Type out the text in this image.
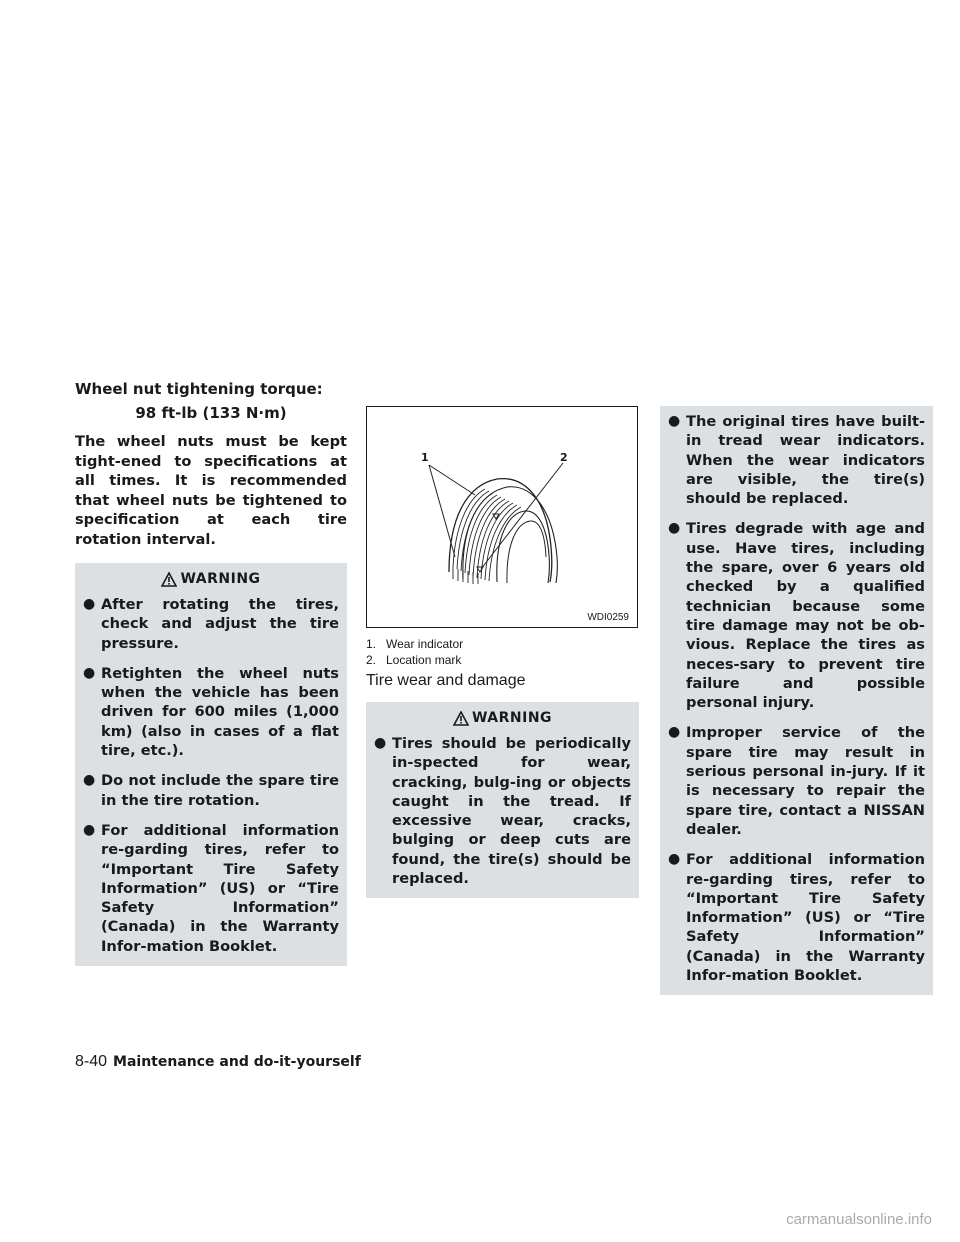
Wheel nut tightening torque:

98 ft-lb (133 N·m)

The wheel nuts must be kept tight-ened to specifications at all times. It is recommended that wheel nuts be tightened to specification at each tire rotation interval.

WARNING
● After rotating the tires, check and adjust the tire pressure.
● Retighten the wheel nuts when the vehicle has been driven for 600 miles (1,000 km) (also in cases of a flat tire, etc.).
● Do not include the spare tire in the tire rotation.
● For additional information re-garding tires, refer to “Important Tire Safety Information” (US) or “Tire Safety Information” (Canada) in the Warranty Infor-mation Booklet.
1	2
WDI0259
1. Wear indicator
2. Location mark

Tire wear and damage

WARNING
● Tires should be periodically in-spected for wear, cracking, bulg-ing or objects caught in the tread. If excessive wear, cracks, bulging or deep cuts are found, the tire(s) should be replaced.
● The original tires have built-in tread wear indicators. When the wear indicators are visible, the tire(s) should be replaced.
● Tires degrade with age and use. Have tires, including the spare, over 6 years old checked by a qualified technician because some tire damage may not be ob-vious. Replace the tires as neces-sary to prevent tire failure and possible personal injury.
● Improper service of the spare tire may result in serious personal in-jury. If it is necessary to repair the spare tire, contact a NISSAN dealer.
● For additional information re-garding tires, refer to “Important Tire Safety Information” (US) or “Tire Safety Information” (Canada) in the Warranty Infor-mation Booklet.
8-40 Maintenance and do-it-yourself
carmanualsonline.info
